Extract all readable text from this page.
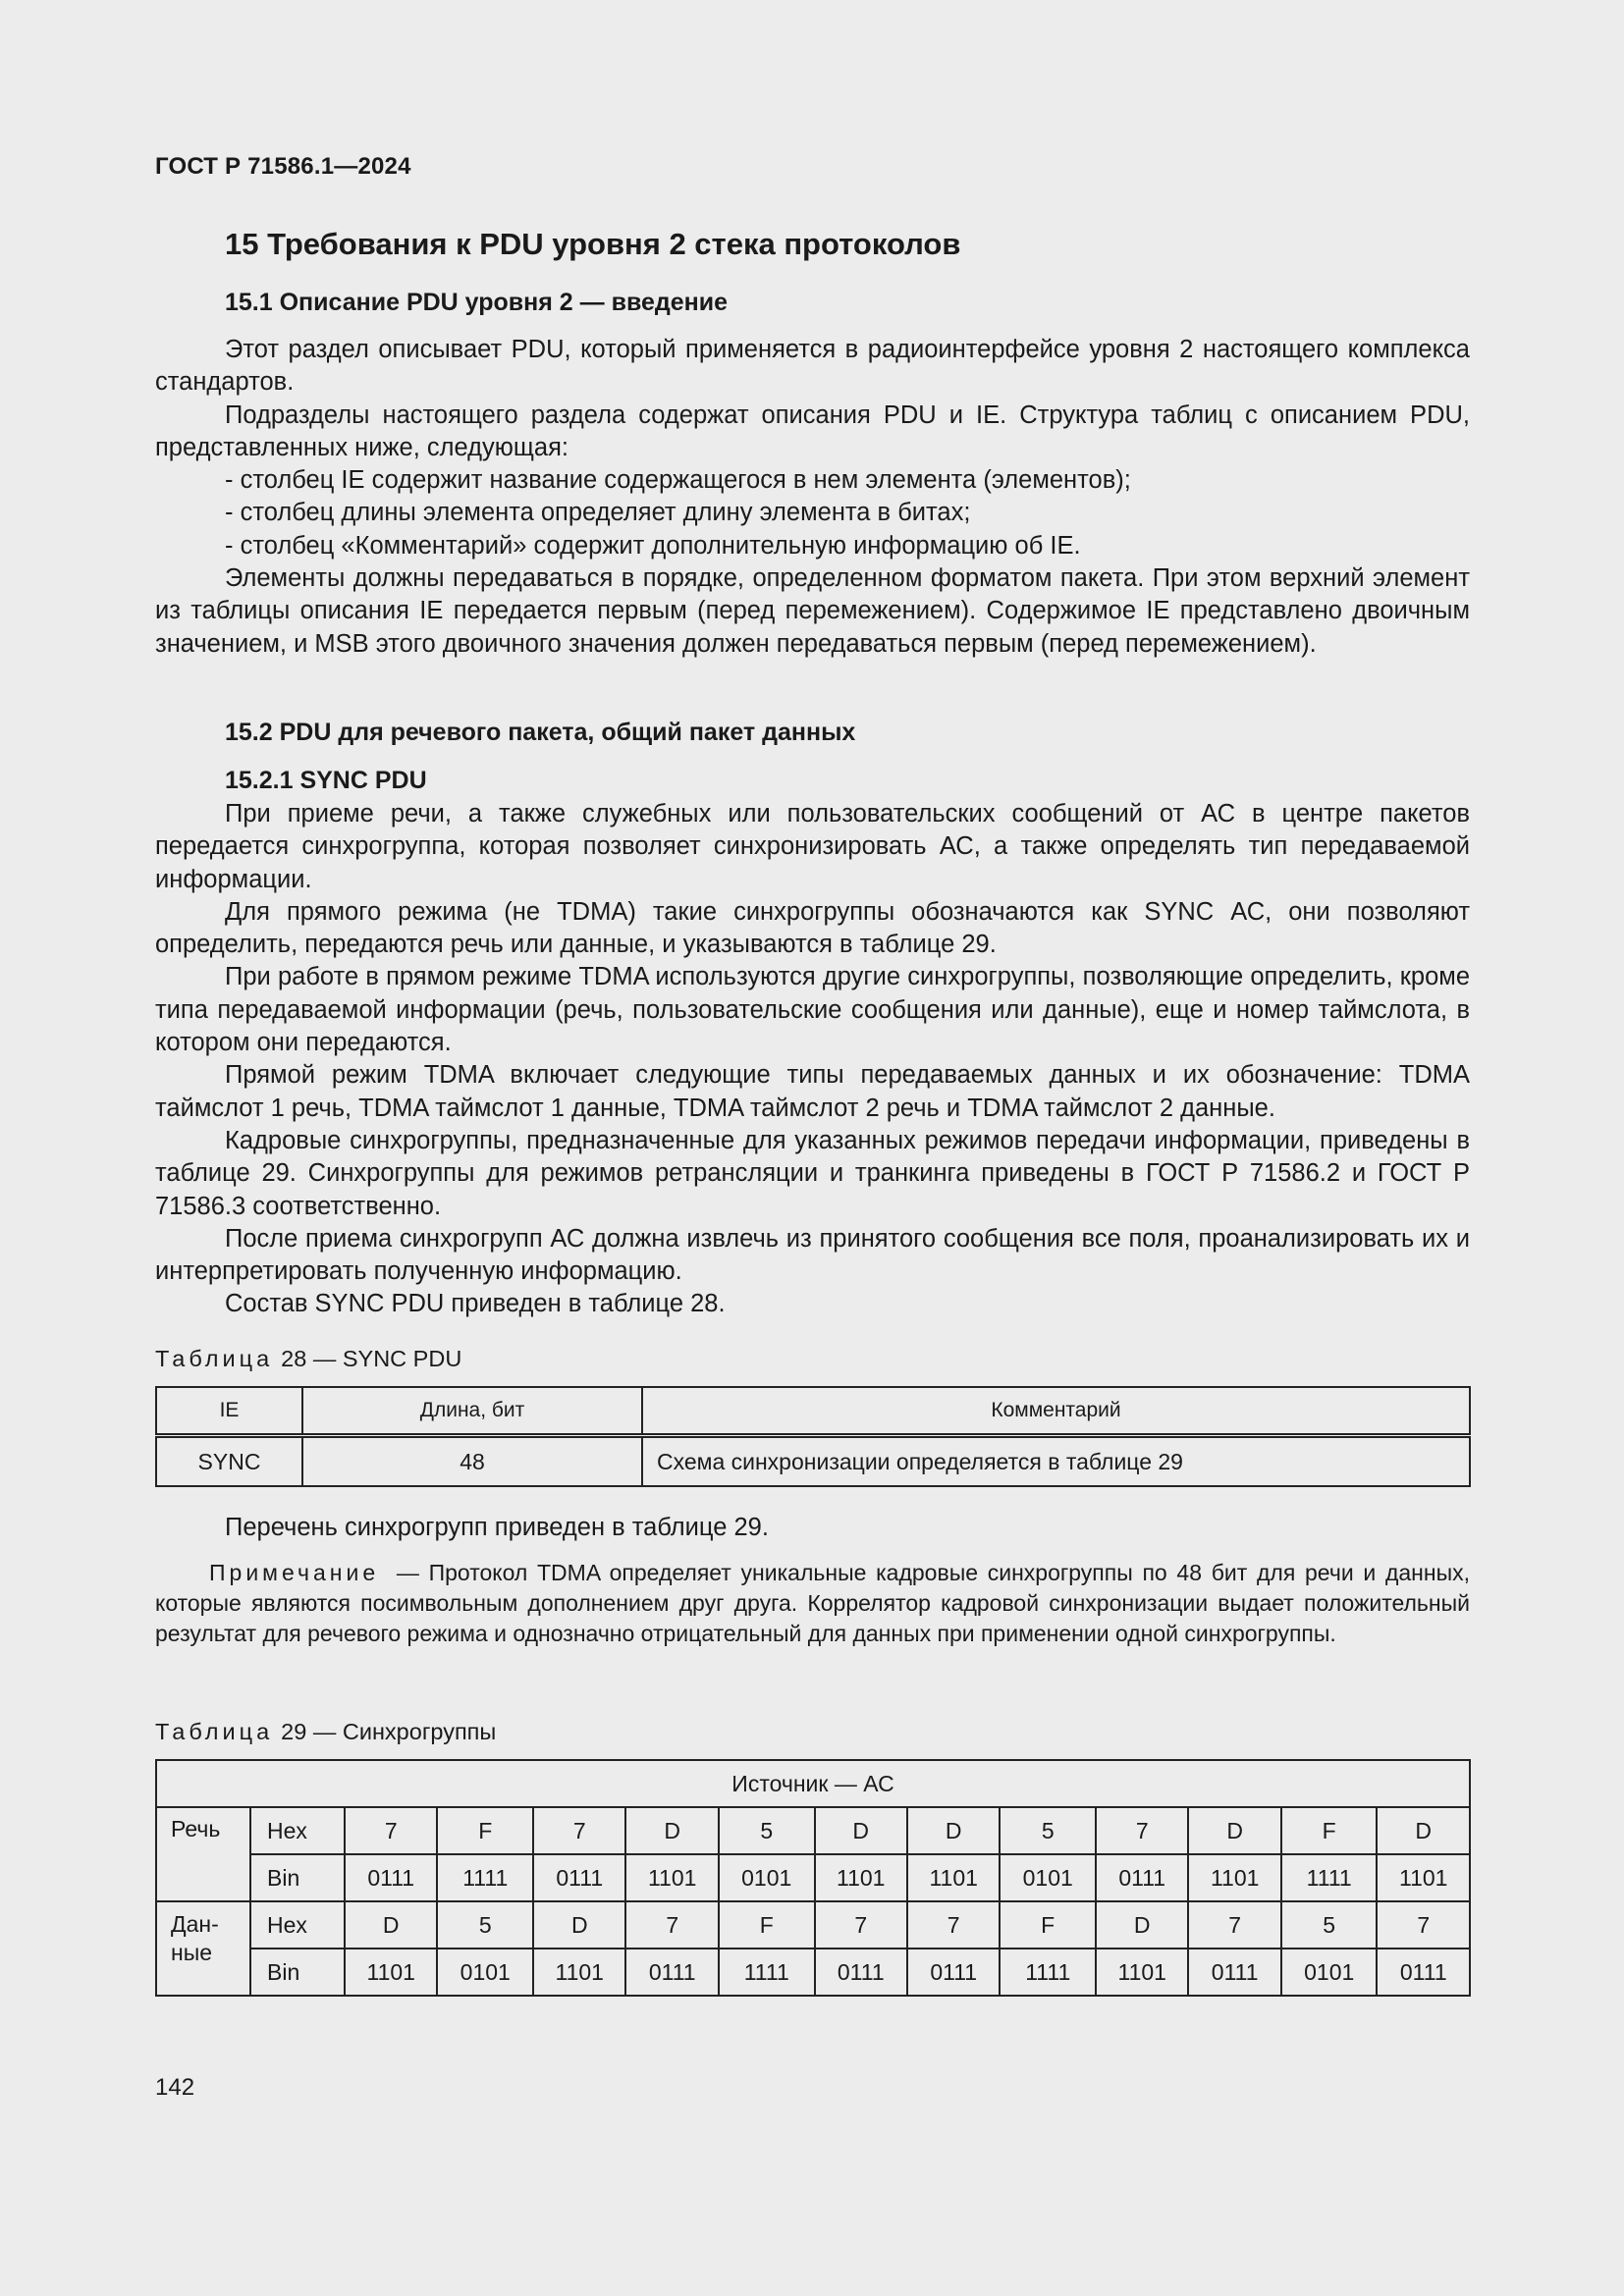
ГОСТ Р 71586.1—2024
15 Требования к PDU уровня 2 стека протоколов
15.1 Описание PDU уровня 2 — введение

Этот раздел описывает PDU, который применяется в радиоинтерфейсе уровня 2 настоящего комплекса стандартов.

Подразделы настоящего раздела содержат описания PDU и IE. Структура таблиц с описанием PDU, представленных ниже, следующая:

- столбец IE содержит название содержащегося в нем элемента (элементов);

- столбец длины элемента определяет длину элемента в битах;

- столбец «Комментарий» содержит дополнительную информацию об IE.

Элементы должны передаваться в порядке, определенном форматом пакета. При этом верхний элемент из таблицы описания IE передается первым (перед перемежением). Содержимое IE представлено двоичным значением, и MSB этого двоичного значения должен передаваться первым (перед перемежением).

15.2 PDU для речевого пакета, общий пакет данных
15.2.1 SYNC PDU

При приеме речи, а также служебных или пользовательских сообщений от АС в центре пакетов передается синхрогруппа, которая позволяет синхронизировать АС, а также определять тип передаваемой информации.

Для прямого режима (не TDMA) такие синхрогруппы обозначаются как SYNC АС, они позволяют определить, передаются речь или данные, и указываются в таблице 29.

При работе в прямом режиме TDMA используются другие синхрогруппы, позволяющие определить, кроме типа передаваемой информации (речь, пользовательские сообщения или данные), еще и номер таймслота, в котором они передаются.

Прямой режим TDMA включает следующие типы передаваемых данных и их обозначение: TDMA таймслот 1 речь, TDMA таймслот 1 данные, TDMA таймслот 2 речь и TDMA таймслот 2 данные.

Кадровые синхрогруппы, предназначенные для указанных режимов передачи информации, приведены в таблице 29. Синхрогруппы для режимов ретрансляции и транкинга приведены в ГОСТ Р 71586.2 и ГОСТ Р 71586.3 соответственно.

После приема синхрогрупп АС должна извлечь из принятого сообщения все поля, проанализировать их и интерпретировать полученную информацию.

Состав SYNC PDU приведен в таблице 28.

Таблица 28 — SYNC PDU
IE	Длина, бит	Комментарий
SYNC	48	Схема синхронизации определяется в таблице 29

Перечень синхрогрупп приведен в таблице 29.

Примечание — Протокол TDMA определяет уникальные кадровые синхрогруппы по 48 бит для речи и данных, которые являются посимвольным дополнением друг друга. Коррелятор кадровой синхронизации выдает положительный результат для речевого режима и однозначно отрицательный для данных при применении одной синхрогруппы.

Таблица 29 — Синхрогруппы
Источник — АС													
Речь	Hex	7	F	7	D	5	D	D	5	7	D	F	D
	Bin	0111	1111	0111	1101	0101	1101	1101	0101	0111	1101	1111	1101
Дан-ные	Hex	D	5	D	7	F	7	7	F	D	7	5	7
	Bin	1101	0101	1101	0111	1111	0111	0111	1111	1101	0111	0101	0111
142
